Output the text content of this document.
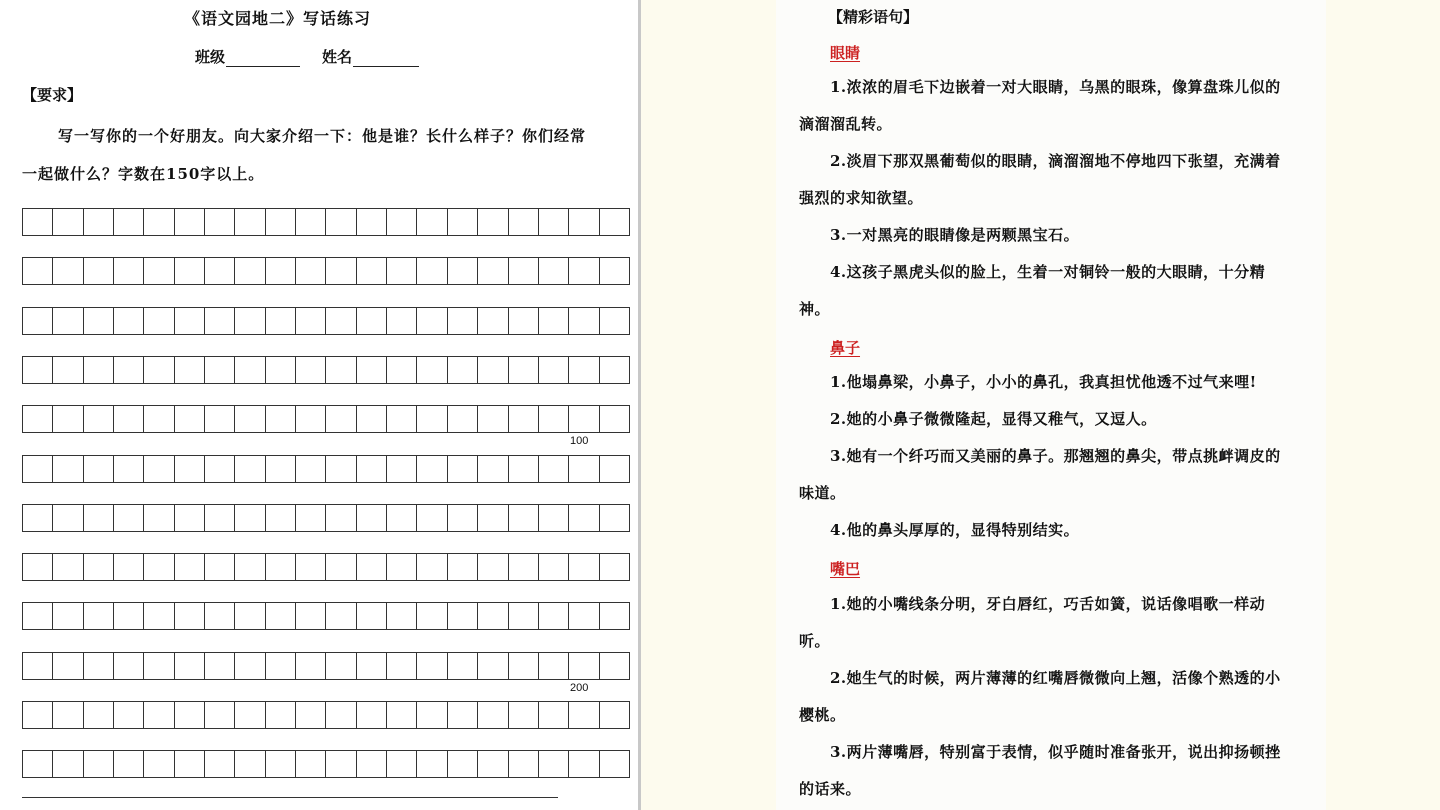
《语文园地二》写话练习
班级	姓名
【要求】
写一写你的一个好朋友。向大家介绍一下：他是谁？长什么样子？你们经常一起做什么？字数在150字以上。
100
200
【精彩语句】
眼睛
1.浓浓的眉毛下边嵌着一对大眼睛，乌黑的眼珠，像算盘珠儿似的滴溜溜乱转。
2.淡眉下那双黑葡萄似的眼睛，滴溜溜地不停地四下张望，充满着强烈的求知欲望。
3.一对黑亮的眼睛像是两颗黑宝石。
4.这孩子黑虎头似的脸上，生着一对铜铃一般的大眼睛，十分精神。
鼻子
1.他塌鼻梁，小鼻子，小小的鼻孔，我真担忧他透不过气来哩!
2.她的小鼻子微微隆起，显得又稚气，又逗人。
3.她有一个纤巧而又美丽的鼻子。那翘翘的鼻尖，带点挑衅调皮的味道。
4.他的鼻头厚厚的，显得特别结实。
嘴巴
1.她的小嘴线条分明，牙白唇红，巧舌如簧，说话像唱歌一样动听。
2.她生气的时候，两片薄薄的红嘴唇微微向上翘，活像个熟透的小樱桃。
3.两片薄嘴唇，特别富于表情，似乎随时准备张开，说出抑扬顿挫的话来。
